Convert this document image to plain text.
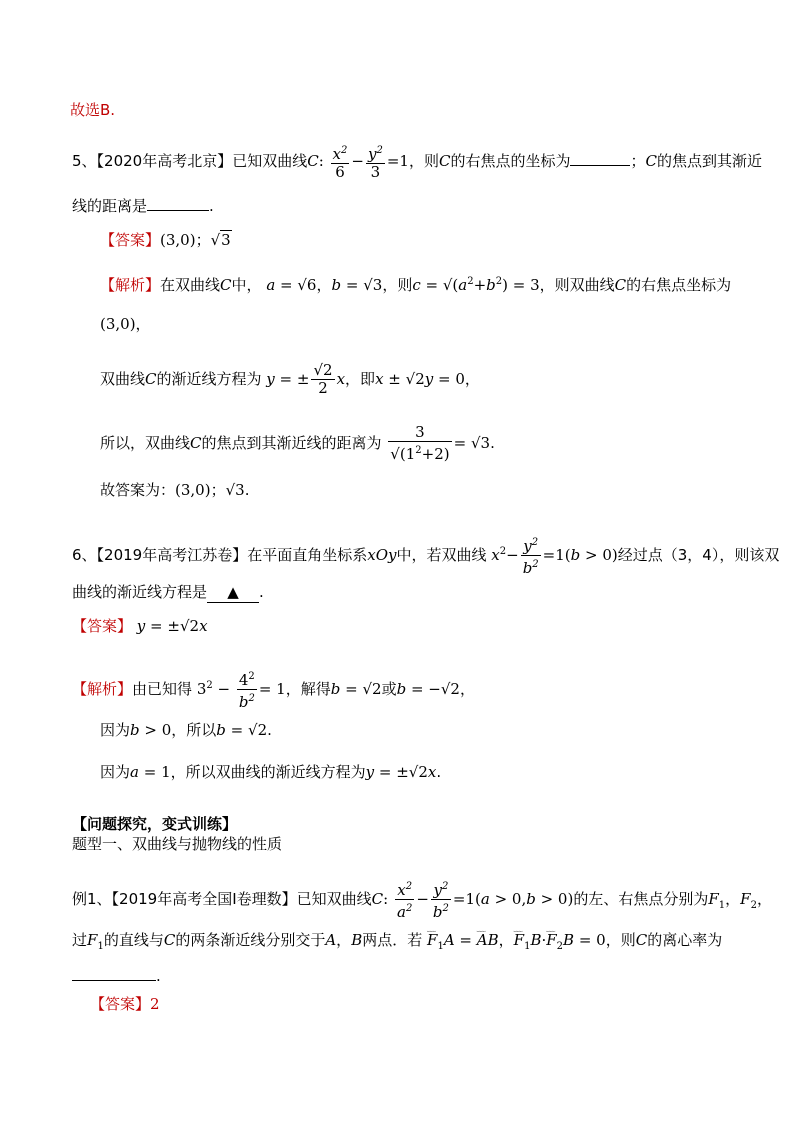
故选B.
5、【2020年高考北京】已知双曲线C: $\frac{x^2}{6} - \frac{y^2}{3} =1$，则C的右焦点的坐标为	；C的焦点到其渐近
线的距离是	.
【答案】(3,0)；√3
【解析】在双曲线C中， a = √6，b = √3，则$c = √(a^2+b^2) = 3$，则双曲线C的右焦点坐标为
(3,0)，
双曲线C的渐近线方程为 y = ± $\frac{√2}{2}$ x，即x ± √2y = 0，
所以，双曲线C的焦点到其渐近线的距离为 $\frac{3}{√(1^2+2)} = √3$.
故答案为：(3,0)；√3.
6、【2019年高考江苏卷】在平面直角坐标系xOy中，若双曲线 $x^2- \frac{y^2}{b^2} =1(b > 0)$经过点（3，4），则该双
曲线的渐近线方程是 ▲ .
【答案】 y = ±√2x
【解析】由已知得 $3^2 - \frac{4^2}{b^2} = 1$，解得b = √2或b = −√2，
因为b > 0，所以b = √2.
因为a = 1，所以双曲线的渐近线方程为y = ±√2x.
【问题探究，变式训练】
题型一、双曲线与抛物线的性质
例1、【2019年高考全国I卷理数】已知双曲线C: $\frac{x^2}{a^2} - \frac{y^2}{b^2} =1(a > 0,b > 0)$的左、右焦点分别为$F_1$，$F_2$，
过$F_1$的直线与C的两条渐近线分别交于A，B两点．若 ﹏ $F_1A$ = ﹏ AB，﹏ $F_1B\cdot﹏$ $F_2B = 0$，则C的离心率为
.
【答案】2
